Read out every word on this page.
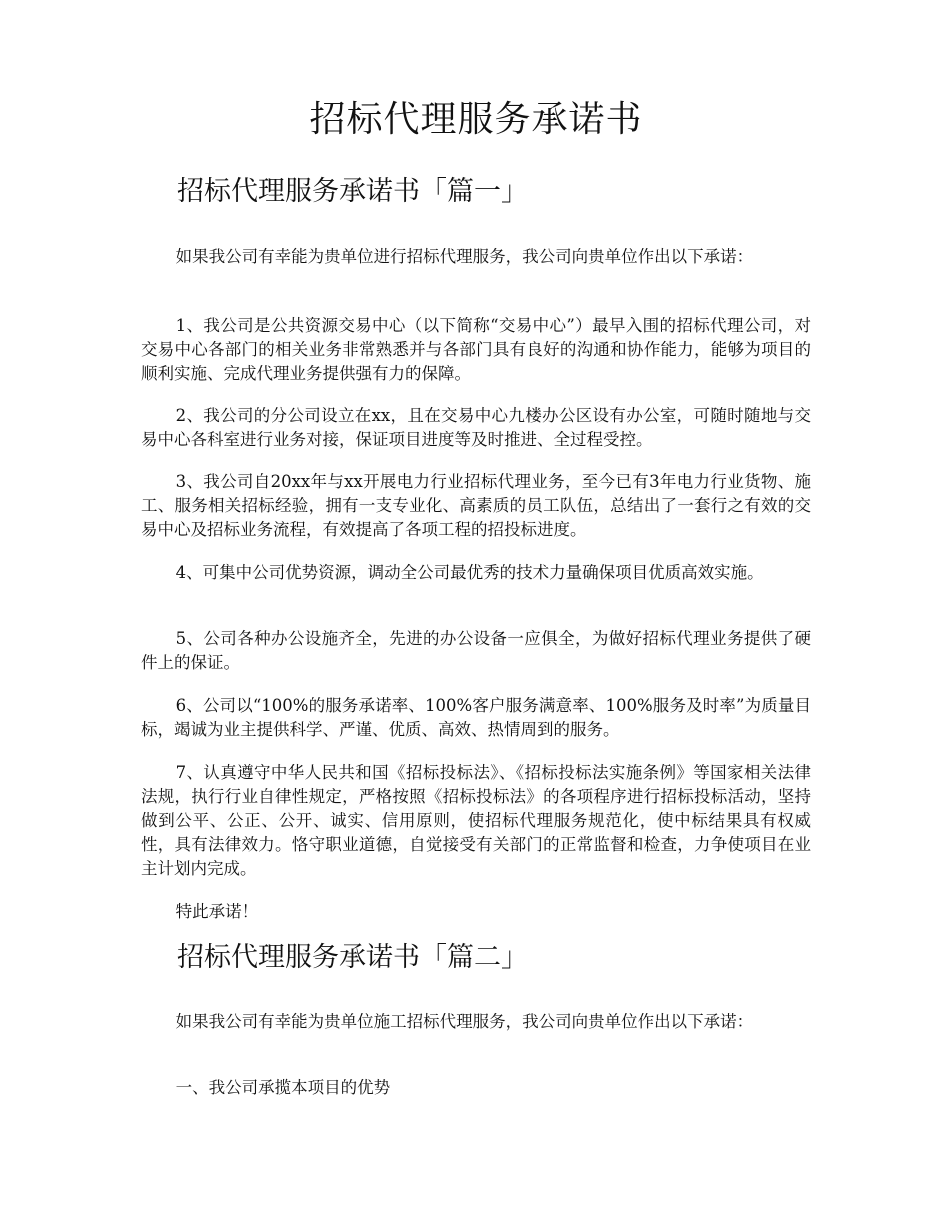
招标代理服务承诺书
招标代理服务承诺书「篇一」

如果我公司有幸能为贵单位进行招标代理服务，我公司向贵单位作出以下承诺：

1、我公司是公共资源交易中心（以下简称“交易中心”）最早入围的招标代理公司，对交易中心各部门的相关业务非常熟悉并与各部门具有良好的沟通和协作能力，能够为项目的顺利实施、完成代理业务提供强有力的保障。

2、我公司的分公司设立在xx，且在交易中心九楼办公区设有办公室，可随时随地与交易中心各科室进行业务对接，保证项目进度等及时推进、全过程受控。

3、我公司自20xx年与xx开展电力行业招标代理业务，至今已有3年电力行业货物、施工、服务相关招标经验，拥有一支专业化、高素质的员工队伍，总结出了一套行之有效的交易中心及招标业务流程，有效提高了各项工程的招投标进度。

4、可集中公司优势资源，调动全公司最优秀的技术力量确保项目优质高效实施。

5、公司各种办公设施齐全，先进的办公设备一应俱全，为做好招标代理业务提供了硬件上的保证。

6、公司以“100%的服务承诺率、100%客户服务满意率、100%服务及时率”为质量目标，竭诚为业主提供科学、严谨、优质、高效、热情周到的服务。

7、认真遵守中华人民共和国《招标投标法》、《招标投标法实施条例》等国家相关法律法规，执行行业自律性规定，严格按照《招标投标法》的各项程序进行招标投标活动，坚持做到公平、公正、公开、诚实、信用原则，使招标代理服务规范化，使中标结果具有权威性，具有法律效力。恪守职业道德，自觉接受有关部门的正常监督和检查，力争使项目在业主计划内完成。

特此承诺！

招标代理服务承诺书「篇二」

如果我公司有幸能为贵单位施工招标代理服务，我公司向贵单位作出以下承诺：

一、我公司承揽本项目的优势
